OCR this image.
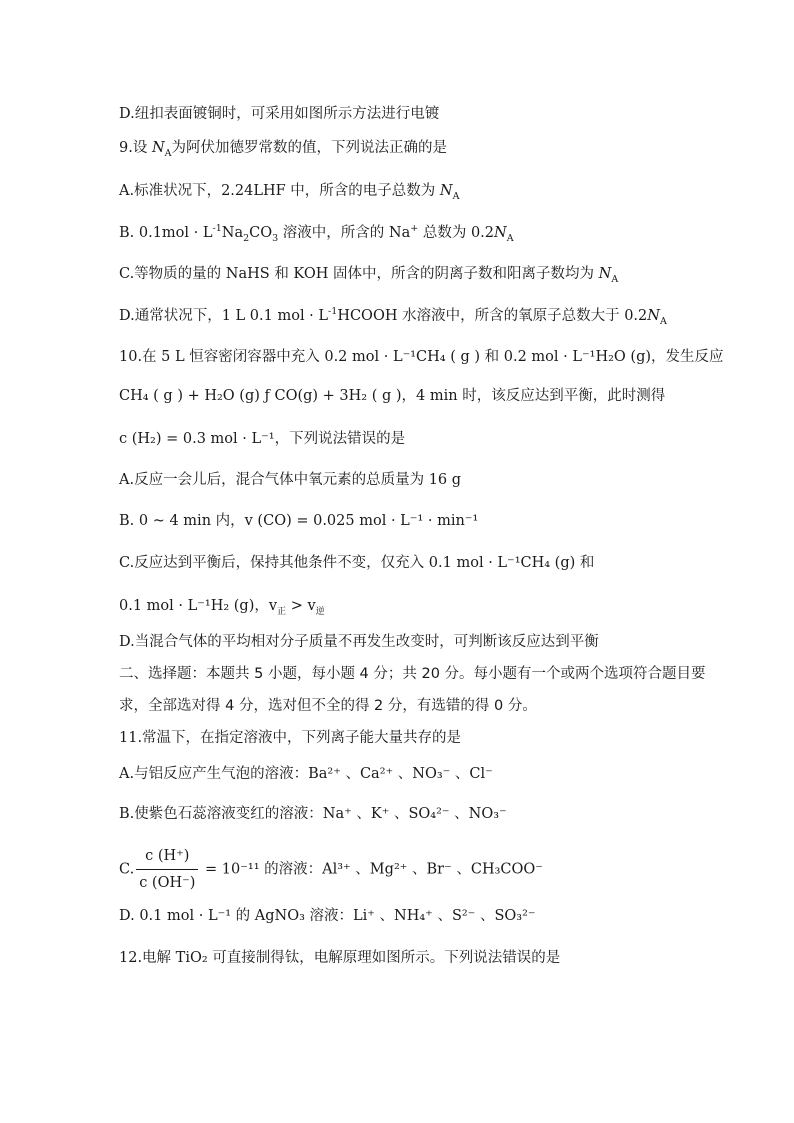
D.纽扣表面镀铜时，可采用如图所示方法进行电镀
9.设 $N_A$为阿伏加德罗常数的值，下列说法正确的是
A.标准状况下，2.24LHF 中，所含的电子总数为 $N_A$
B. $0.1mol \cdot L^{-1}Na_2CO_3$ 溶液中，所含的 Na+ 总数为 $0.2N_A$
C.等物质的量的 NaHS 和 KOH 固体中，所含的阴离子数和阳离子数均为 $N_A$
D.通常状况下，1 L 0.1 mol · $L^{-1}HCOOH$ 水溶液中，所含的氧原子总数大于 $0.2N_A$
10.在 5 L 恒容密闭容器中充入 0.2 mol · L⁻¹CH₄ ( g ) 和 0.2 mol · L⁻¹H₂O (g)，发生反应
CH₄ ( g ) + H₂O (g) ƒ CO(g) + 3H₂ ( g )，4 min 时，该反应达到平衡，此时测得
c (H₂) = 0.3 mol · L⁻¹，下列说法错误的是
A.反应一会儿后，混合气体中氧元素的总质量为 16 g
B. 0 ~ 4 min 内，v (CO) = 0.025 mol · L⁻¹ · min⁻¹
C.反应达到平衡后，保持其他条件不变，仅充入 0.1 mol · L⁻¹CH₄ (g) 和
0.1 mol · L⁻¹H₂ (g)，$v_正 > v_逆$
D.当混合气体的平均相对分子质量不再发生改变时，可判断该反应达到平衡
二、选择题：本题共 5 小题，每小题 4 分；共 20 分。每小题有一个或两个选项符合题目要
求，全部选对得 4 分，选对但不全的得 2 分，有选错的得 0 分。
11.常温下，在指定溶液中，下列离子能大量共存的是
A.与铝反应产生气泡的溶液：Ba²⁺ 、Ca²⁺ 、NO₃⁻ 、Cl⁻
B.使紫色石蕊溶液变红的溶液：Na⁺ 、K⁺ 、SO₄²⁻ 、NO₃⁻
C. $\frac{c (H^+)}{c (OH^-)} = 10^{-11}$ 的溶液：Al³⁺ 、Mg²⁺ 、Br⁻ 、CH₃COO⁻
D. 0.1 mol · L⁻¹ 的 AgNO₃ 溶液：Li⁺ 、NH₄⁺ 、S²⁻ 、SO₃²⁻
12.电解 TiO₂ 可直接制得钛，电解原理如图所示。下列说法错误的是
